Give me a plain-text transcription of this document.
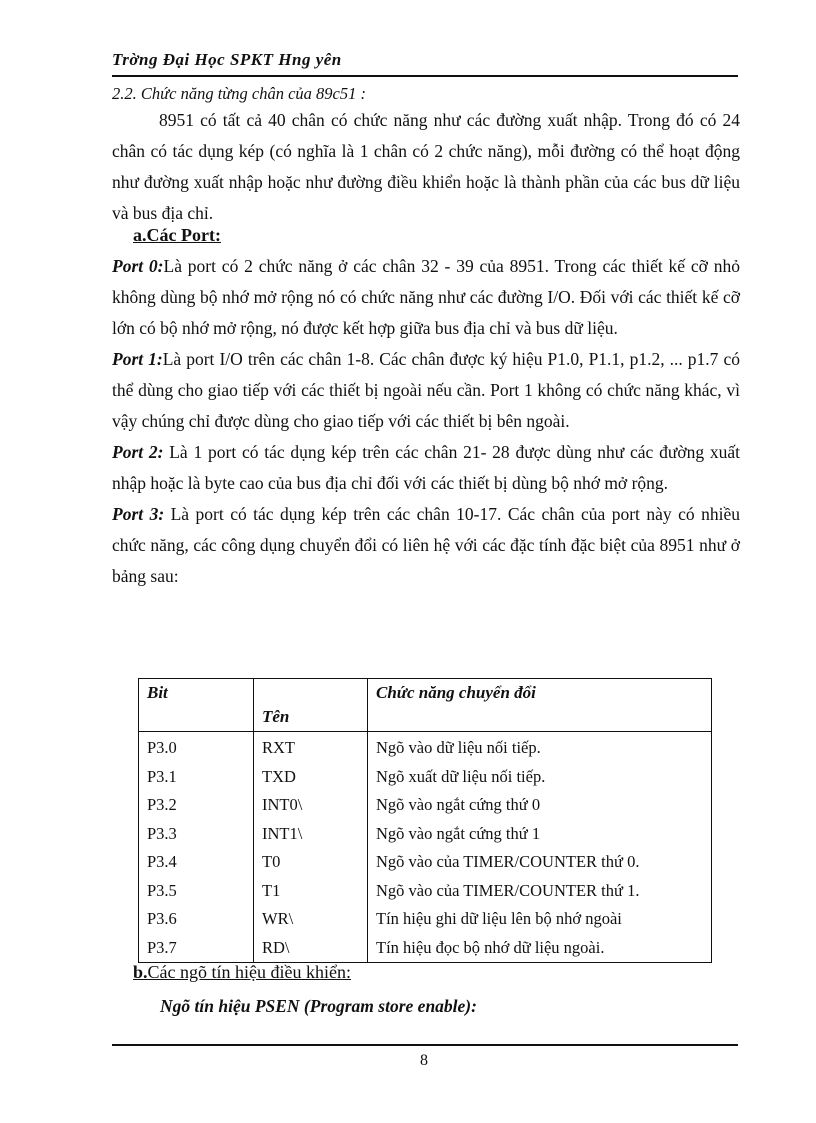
Trờng Đại Học SPKT Hng yên
2.2. Chức năng từng chân của 89c51 :
8951 có tất cả 40 chân có chức năng như các đường xuất nhập. Trong đó có 24 chân có tác dụng kép (có nghĩa là 1 chân có 2 chức năng), mỗi đường có thể hoạt động như đường xuất nhập hoặc như đường điều khiển hoặc là thành phần của các bus dữ liệu và bus địa chỉ.
a.Các Port:

Port 0:Là port có 2 chức năng ở các chân 32 - 39 của 8951. Trong các thiết kế cỡ nhỏ không dùng bộ nhớ mở rộng nó có chức năng như các đường I/O. Đối với các thiết kế cỡ lớn có bộ nhớ mở rộng, nó được kết hợp giữa bus địa chỉ và bus dữ liệu.

Port 1:Là port I/O trên các chân 1-8. Các chân được ký hiệu P1.0, P1.1, p1.2, ... p1.7 có thể dùng cho giao tiếp với các thiết bị ngoài nếu cần. Port 1 không có chức năng khác, vì vậy chúng chỉ được dùng cho giao tiếp với các thiết bị bên ngoài.

Port 2: Là 1 port có tác dụng kép trên các chân 21- 28 được dùng như các đường xuất nhập hoặc là byte cao của bus địa chỉ đối với các thiết bị dùng bộ nhớ mở rộng.

Port 3: Là port có tác dụng kép trên các chân 10-17. Các chân của port này có nhiều chức năng, các công dụng chuyển đổi có liên hệ với các đặc tính đặc biệt của 8951 như ở bảng sau:

Bit	Tên	Chức năng chuyển đổi
P3.0	RXT	Ngõ vào dữ liệu nối tiếp.
P3.1	TXD	Ngõ xuất dữ liệu nối tiếp.
P3.2	INT0\	Ngõ vào ngắt cứng thứ 0
P3.3	INT1\	Ngõ vào ngắt cứng thứ 1
P3.4	T0	Ngõ vào của TIMER/COUNTER thứ 0.
P3.5	T1	Ngõ vào của TIMER/COUNTER thứ 1.
P3.6	WR\	Tín hiệu ghi dữ liệu lên bộ nhớ ngoài
P3.7	RD\	Tín hiệu đọc bộ nhớ dữ liệu ngoài.
b.Các ngõ tín hiệu điều khiển:
Ngõ tín hiệu PSEN (Program store enable):
8
